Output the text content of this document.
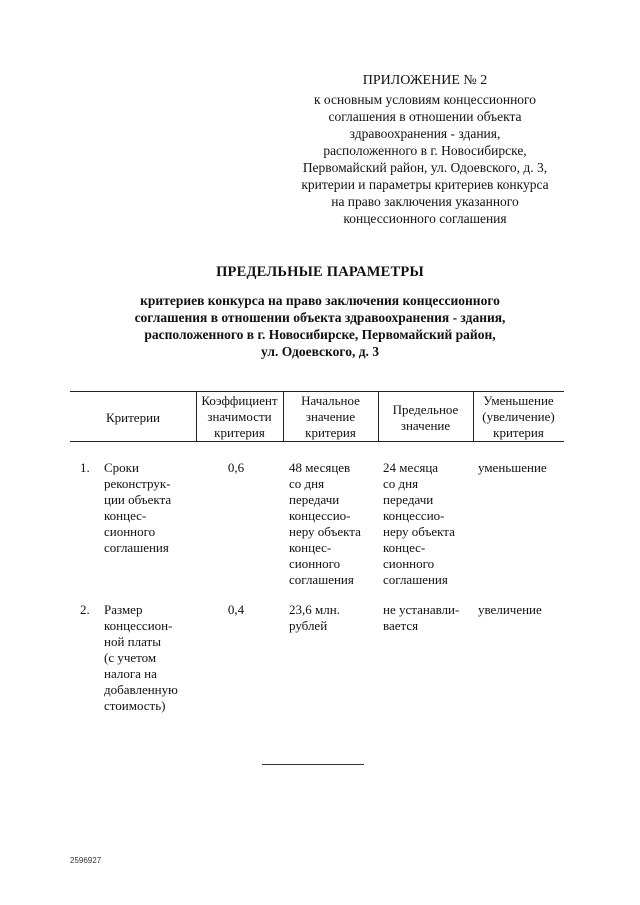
ПРИЛОЖЕНИЕ № 2
к основным условиям концессионного
соглашения в отношении объекта
здравоохранения - здания,
расположенного в г. Новосибирске,
Первомайский район, ул. Одоевского, д. 3,
критерии и параметры критериев конкурса
на право заключения указанного
концессионного соглашения
ПРЕДЕЛЬНЫЕ ПАРАМЕТРЫ
критериев конкурса на право заключения концессионного
соглашения в отношении объекта здравоохранения - здания,
расположенного в г. Новосибирске, Первомайский район,
ул. Одоевского, д. 3
Критерии
Коэффициент
значимости
критерия
Начальное
значение
критерия
Предельное
значение
Уменьшение
(увеличение)
критерия
1. Сроки
реконструк-
ции объекта
концес-
сионного
соглашения
0,6	48 месяцев
со дня
передачи
концессио-
неру объекта
концес-
сионного
соглашения
24 месяца
со дня
передачи
концессио-
неру объекта
концес-
сионного
соглашения
уменьшение
2. Размер
концессион-
ной платы
(с учетом
налога на
добавленную
стоимость)
0,4	23,6 млн.
рублей
не устанавли-
вается
увеличение
2596927
